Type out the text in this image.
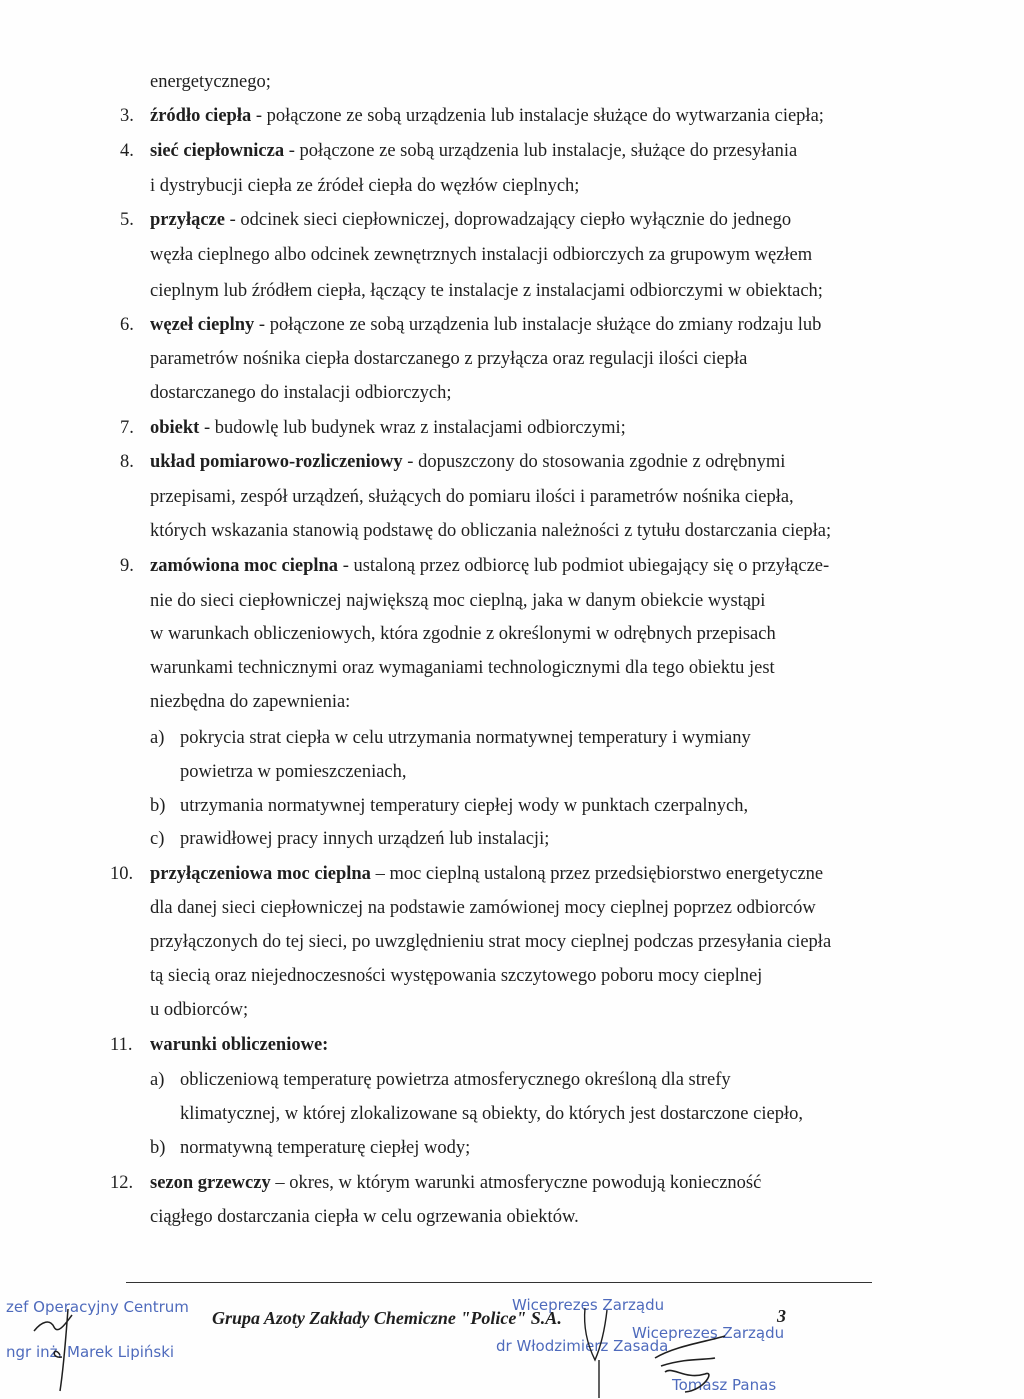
energetycznego;
3. źródło ciepła - połączone ze sobą urządzenia lub instalacje służące do wytwarzania ciepła;
4. sieć ciepłownicza - połączone ze sobą urządzenia lub instalacje, służące do przesyłania
i dystrybucji ciepła ze źródeł ciepła do węzłów cieplnych;
5. przyłącze - odcinek sieci ciepłowniczej, doprowadzający ciepło wyłącznie do jednego
węzła cieplnego albo odcinek zewnętrznych instalacji odbiorczych za grupowym węzłem
cieplnym lub źródłem ciepła, łączący te instalacje z instalacjami odbiorczymi w obiektach;
6. węzeł cieplny - połączone ze sobą urządzenia lub instalacje służące do zmiany rodzaju lub
parametrów nośnika ciepła dostarczanego z przyłącza oraz regulacji ilości ciepła
dostarczanego do instalacji odbiorczych;
7. obiekt - budowlę lub budynek wraz z instalacjami odbiorczymi;
8. układ pomiarowo-rozliczeniowy - dopuszczony do stosowania zgodnie z odrębnymi
przepisami, zespół urządzeń, służących do pomiaru ilości i parametrów nośnika ciepła,
których wskazania stanowią podstawę do obliczania należności z tytułu dostarczania ciepła;
9. zamówiona moc cieplna - ustaloną przez odbiorcę lub podmiot ubiegający się o przyłącze-
nie do sieci ciepłowniczej największą moc cieplną, jaka w danym obiekcie wystąpi
w warunkach obliczeniowych, która zgodnie z określonymi w odrębnych przepisach
warunkami technicznymi oraz wymaganiami technologicznymi dla tego obiektu jest
niezbędna do zapewnienia:
a) pokrycia strat ciepła w celu utrzymania normatywnej temperatury i wymiany
powietrza w pomieszczeniach,
b) utrzymania normatywnej temperatury ciepłej wody w punktach czerpalnych,
c) prawidłowej pracy innych urządzeń lub instalacji;
10. przyłączeniowa moc cieplna – moc cieplną ustaloną przez przedsiębiorstwo energetyczne
dla danej sieci ciepłowniczej na podstawie zamówionej mocy cieplnej poprzez odbiorców
przyłączonych do tej sieci, po uwzględnieniu strat mocy cieplnej podczas przesyłania ciepła
tą siecią oraz niejednoczesności występowania szczytowego poboru mocy cieplnej
u odbiorców;
11. warunki obliczeniowe:
a) obliczeniową temperaturę powietrza atmosferycznego określoną dla strefy
klimatycznej, w której zlokalizowane są obiekty, do których jest dostarczone ciepło,
b) normatywną temperaturę ciepłej wody;
12. sezon grzewczy – okres, w którym warunki atmosferyczne powodują konieczność
ciągłego dostarczania ciepła w celu ogrzewania obiektów.
Grupa Azoty Zakłady Chemiczne "Police" S.A.	3
zef Operacyjny Centrum
ngr inż. Marek Lipiński
Wiceprezes Zarządu
dr Włodzimierz Zasada
Wiceprezes Zarządu
Tomasz Panas
